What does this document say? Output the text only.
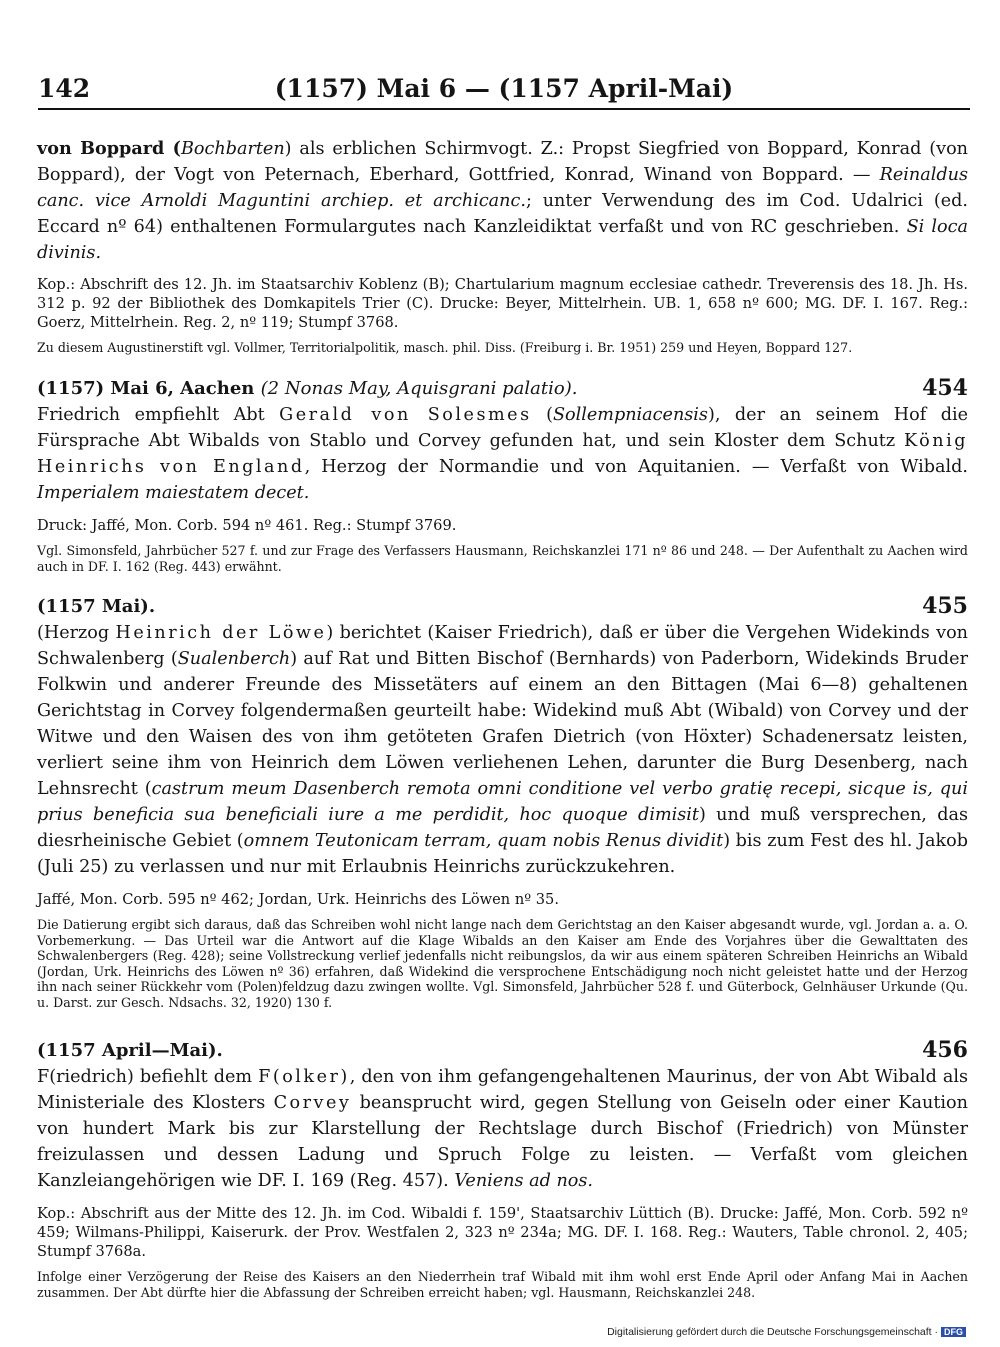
142	(1157) Mai 6 — (1157 April-Mai)

von Boppard (Bochbarten) als erblichen Schirmvogt. Z.: Propst Siegfried von Boppard, Konrad (von Boppard), der Vogt von Peternach, Eberhard, Gottfried, Konrad, Winand von Boppard. — Reinaldus canc. vice Arnoldi Maguntini archiep. et archicanc.; unter Verwendung des im Cod. Udalrici (ed. Eccard nº 64) enthaltenen Formulargutes nach Kanzleidiktat verfaßt und von RC geschrieben. Si loca divinis.

Kop.: Abschrift des 12. Jh. im Staatsarchiv Koblenz (B); Chartularium magnum ecclesiae cathedr. Treverensis des 18. Jh. Hs. 312 p. 92 der Bibliothek des Domkapitels Trier (C). Drucke: Beyer, Mittelrhein. UB. 1, 658 nº 600; MG. DF. I. 167. Reg.: Goerz, Mittelrhein. Reg. 2, nº 119; Stumpf 3768.

Zu diesem Augustinerstift vgl. Vollmer, Territorialpolitik, masch. phil. Diss. (Freiburg i. Br. 1951) 259 und Heyen, Boppard 127.

(1157) Mai 6, Aachen (2 Nonas May, Aquisgrani palatio).	454

Friedrich empfiehlt Abt Gerald von Solesmes (Sollempniacensis), der an seinem Hof die Fürsprache Abt Wibalds von Stablo und Corvey gefunden hat, und sein Kloster dem Schutz König Heinrichs von England, Herzog der Normandie und von Aquitanien. — Verfaßt von Wibald. Imperialem maiestatem decet.

Druck: Jaffé, Mon. Corb. 594 nº 461. Reg.: Stumpf 3769.

Vgl. Simonsfeld, Jahrbücher 527 f. und zur Frage des Verfassers Hausmann, Reichskanzlei 171 nº 86 und 248. — Der Aufenthalt zu Aachen wird auch in DF. I. 162 (Reg. 443) erwähnt.

(1157 Mai).	455

(Herzog Heinrich der Löwe) berichtet (Kaiser Friedrich), daß er über die Vergehen Widekinds von Schwalenberg (Sualenberch) auf Rat und Bitten Bischof (Bernhards) von Paderborn, Widekinds Bruder Folkwin und anderer Freunde des Missetäters auf einem an den Bittagen (Mai 6—8) gehaltenen Gerichtstag in Corvey folgendermaßen geurteilt habe: Widekind muß Abt (Wibald) von Corvey und der Witwe und den Waisen des von ihm getöteten Grafen Dietrich (von Höxter) Schadenersatz leisten, verliert seine ihm von Heinrich dem Löwen verliehenen Lehen, darunter die Burg Desenberg, nach Lehnsrecht (castrum meum Dasenberch remota omni conditione vel verbo gratię recepi, sicque is, qui prius beneficia sua beneficiali iure a me perdidit, hoc quoque dimisit) und muß versprechen, das diesrheinische Gebiet (omnem Teutonicam terram, quam nobis Renus dividit) bis zum Fest des hl. Jakob (Juli 25) zu verlassen und nur mit Erlaubnis Heinrichs zurückzukehren.

Jaffé, Mon. Corb. 595 nº 462; Jordan, Urk. Heinrichs des Löwen nº 35.

Die Datierung ergibt sich daraus, daß das Schreiben wohl nicht lange nach dem Gerichtstag an den Kaiser abgesandt wurde, vgl. Jordan a. a. O. Vorbemerkung. — Das Urteil war die Antwort auf die Klage Wibalds an den Kaiser am Ende des Vorjahres über die Gewalttaten des Schwalenbergers (Reg. 428); seine Vollstreckung verlief jedenfalls nicht reibungslos, da wir aus einem späteren Schreiben Heinrichs an Wibald (Jordan, Urk. Heinrichs des Löwen nº 36) erfahren, daß Widekind die versprochene Entschädigung noch nicht geleistet hatte und der Herzog ihn nach seiner Rückkehr vom (Polen)feldzug dazu zwingen wollte. Vgl. Simonsfeld, Jahrbücher 528 f. und Güterbock, Gelnhäuser Urkunde (Qu. u. Darst. zur Gesch. Ndsachs. 32, 1920) 130 f.

(1157 April—Mai).	456

F(riedrich) befiehlt dem F(olker), den von ihm gefangengehaltenen Maurinus, der von Abt Wibald als Ministeriale des Klosters Corvey beansprucht wird, gegen Stellung von Geiseln oder einer Kaution von hundert Mark bis zur Klarstellung der Rechtslage durch Bischof (Friedrich) von Münster freizulassen und dessen Ladung und Spruch Folge zu leisten. — Verfaßt vom gleichen Kanzleiangehörigen wie DF. I. 169 (Reg. 457). Veniens ad nos.

Kop.: Abschrift aus der Mitte des 12. Jh. im Cod. Wibaldi f. 159', Staatsarchiv Lüttich (B). Drucke: Jaffé, Mon. Corb. 592 nº 459; Wilmans-Philippi, Kaiserurk. der Prov. Westfalen 2, 323 nº 234a; MG. DF. I. 168. Reg.: Wauters, Table chronol. 2, 405; Stumpf 3768a.

Infolge einer Verzögerung der Reise des Kaisers an den Niederrhein traf Wibald mit ihm wohl erst Ende April oder Anfang Mai in Aachen zusammen. Der Abt dürfte hier die Abfassung der Schreiben erreicht haben; vgl. Hausmann, Reichskanzlei 248.

Digitalisierung gefördert durch die Deutsche Forschungsgemeinschaft · DFG
